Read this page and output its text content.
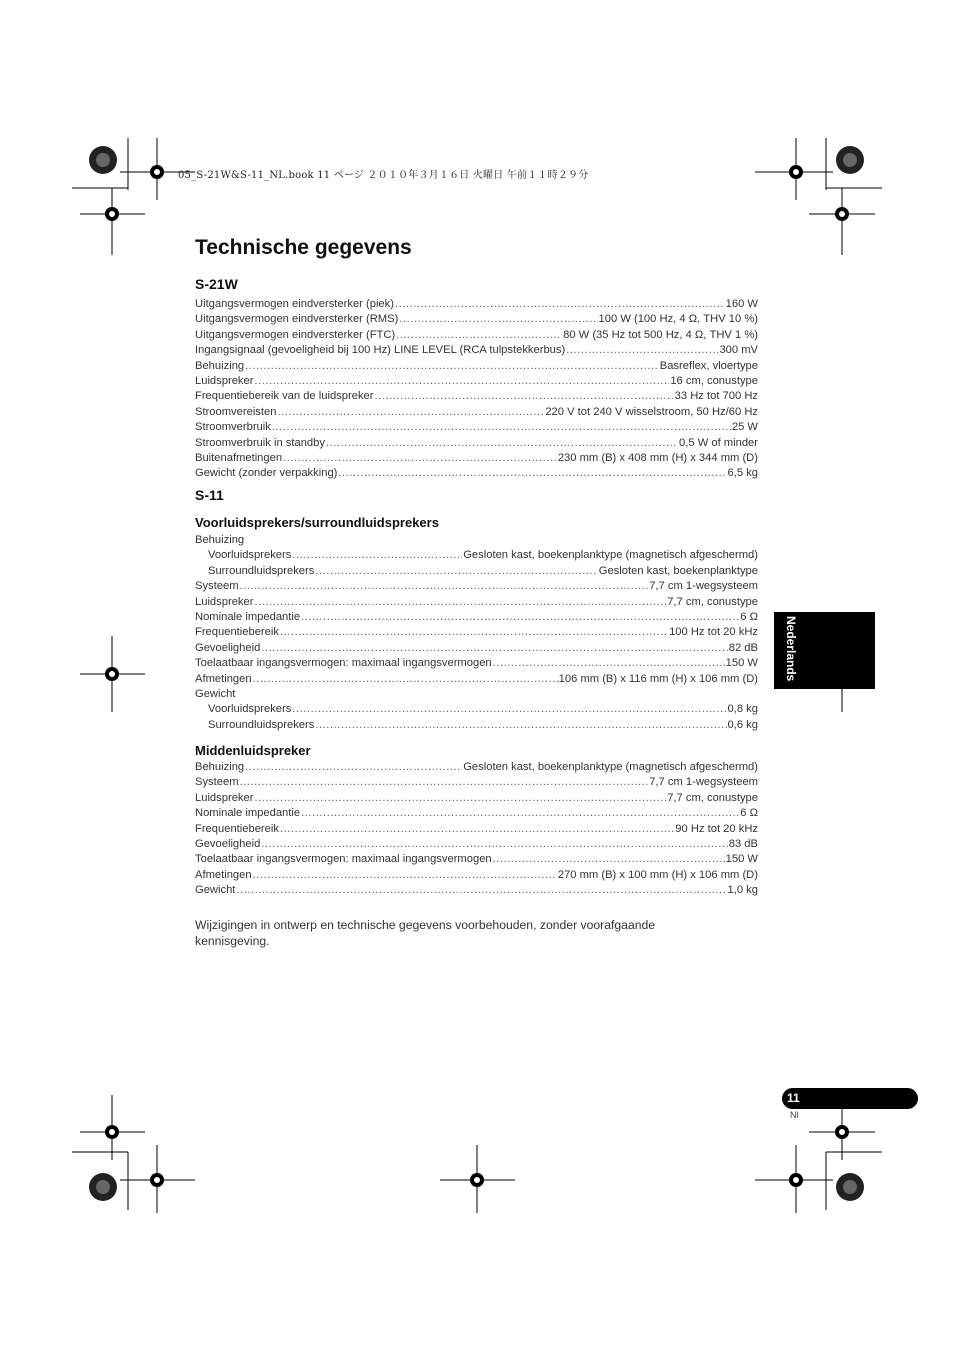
05_S-21W&S-11_NL.book 11 ページ ２０１０年３月１６日 火曜日 午前１１時２９分
Technische gegevens
S-21W
Uitgangsvermogen eindversterker (piek) .....	160 W
Uitgangsvermogen eindversterker (RMS) .....	100 W (100 Hz, 4 Ω, THV 10 %)
Uitgangsvermogen eindversterker (FTC) .....	80 W (35 Hz tot 500 Hz, 4 Ω, THV 1 %)
Ingangsignaal (gevoeligheid bij 100 Hz) LINE LEVEL (RCA tulpstekkerbus) .....	300 mV
Behuizing .....	Basreflex, vloertype
Luidspreker .....	16 cm, conustype
Frequentiebereik van de luidspreker .....	33 Hz tot 700 Hz
Stroomvereisten .....	220 V tot 240 V wisselstroom, 50 Hz/60 Hz
Stroomverbruik .....	25 W
Stroomverbruik in standby .....	0,5 W of minder
Buitenafmetingen .....	230 mm (B) x 408 mm (H) x 344 mm (D)
Gewicht (zonder verpakking) .....	6,5 kg
S-11
Voorluidsprekers/surroundluidsprekers
Behuizing
Voorluidsprekers .....	Gesloten kast, boekenplanktype (magnetisch afgeschermd)
Surroundluidsprekers .....	Gesloten kast, boekenplanktype
Systeem .....	7,7 cm 1-wegsysteem
Luidspreker .....	7,7 cm, conustype
Nominale impedantie .....	6 Ω
Frequentiebereik .....	100 Hz tot 20 kHz
Gevoeligheid .....	82 dB
Toelaatbaar ingangsvermogen: maximaal ingangsvermogen .....	150 W
Afmetingen .....	106 mm (B) x 116 mm (H) x 106 mm (D)
Gewicht
Voorluidsprekers .....	0,8 kg
Surroundluidsprekers .....	0,6 kg
Middenluidspreker
Behuizing .....	Gesloten kast, boekenplanktype (magnetisch afgeschermd)
Systeem .....	7,7 cm 1-wegsysteem
Luidspreker .....	7,7 cm, conustype
Nominale impedantie .....	6 Ω
Frequentiebereik .....	90 Hz tot 20 kHz
Gevoeligheid .....	83 dB
Toelaatbaar ingangsvermogen: maximaal ingangsvermogen .....	150 W
Afmetingen .....	270 mm (B) x 100 mm (H) x 106 mm (D)
Gewicht .....	1,0 kg

Wijzigingen in ontwerp en technische gegevens voorbehouden, zonder voorafgaande kennisgeving.

Nederlands
11
Nl
